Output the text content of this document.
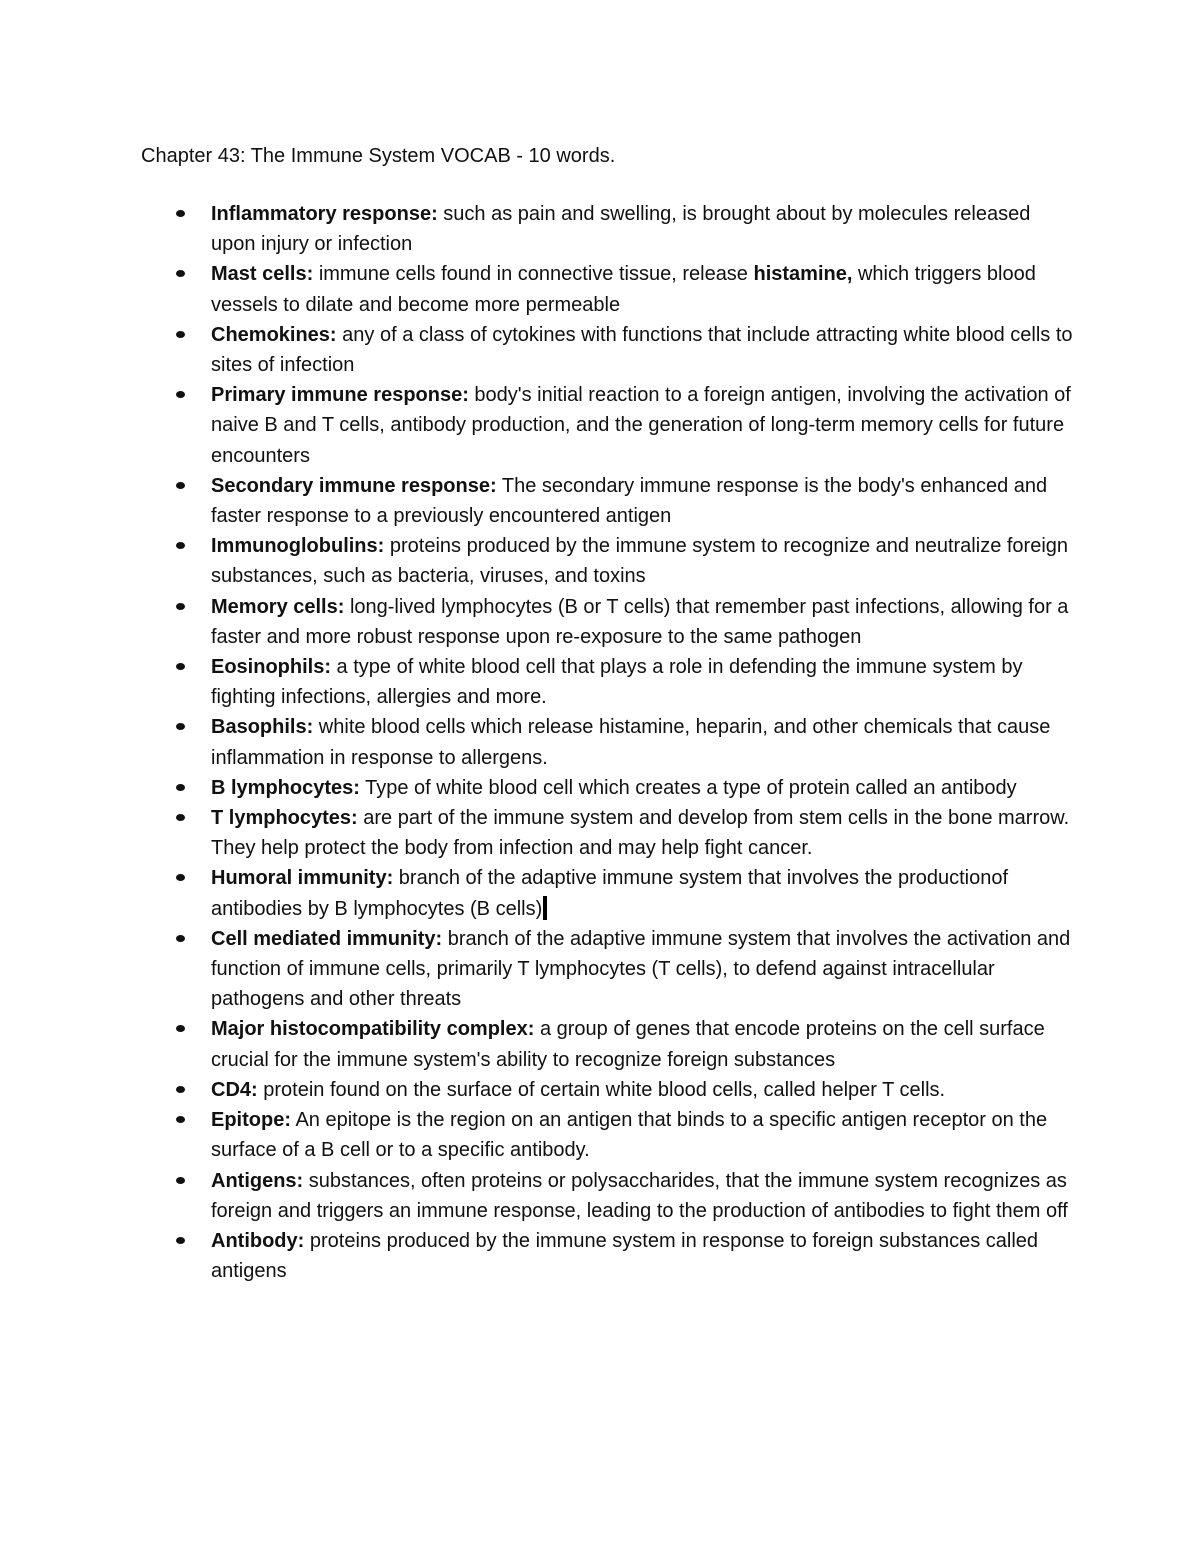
Chapter 43: The Immune System VOCAB - 10 words.
Inflammatory response: such as pain and swelling, is brought about by molecules released upon injury or infection
Mast cells: immune cells found in connective tissue, release histamine, which triggers blood vessels to dilate and become more permeable
Chemokines: any of a class of cytokines with functions that include attracting white blood cells to sites of infection
Primary immune response: body's initial reaction to a foreign antigen, involving the activation of naive B and T cells, antibody production, and the generation of long-term memory cells for future encounters
Secondary immune response: The secondary immune response is the body's enhanced and faster response to a previously encountered antigen
Immunoglobulins: proteins produced by the immune system to recognize and neutralize foreign substances, such as bacteria, viruses, and toxins
Memory cells: long-lived lymphocytes (B or T cells) that remember past infections, allowing for a faster and more robust response upon re-exposure to the same pathogen
Eosinophils: a type of white blood cell that plays a role in defending the immune system by fighting infections, allergies and more.
Basophils: white blood cells which release histamine, heparin, and other chemicals that cause inflammation in response to allergens.
B lymphocytes: Type of white blood cell which creates a type of protein called an antibody
T lymphocytes: are part of the immune system and develop from stem cells in the bone marrow. They help protect the body from infection and may help fight cancer.
Humoral immunity: branch of the adaptive immune system that involves the productionof antibodies by B lymphocytes (B cells)
Cell mediated immunity: branch of the adaptive immune system that involves the activation and function of immune cells, primarily T lymphocytes (T cells), to defend against intracellular pathogens and other threats
Major histocompatibility complex: a group of genes that encode proteins on the cell surface crucial for the immune system's ability to recognize foreign substances
CD4: protein found on the surface of certain white blood cells, called helper T cells.
Epitope: An epitope is the region on an antigen that binds to a specific antigen receptor on the surface of a B cell or to a specific antibody.
Antigens: substances, often proteins or polysaccharides, that the immune system recognizes as foreign and triggers an immune response, leading to the production of antibodies to fight them off
Antibody: proteins produced by the immune system in response to foreign substances called antigens
